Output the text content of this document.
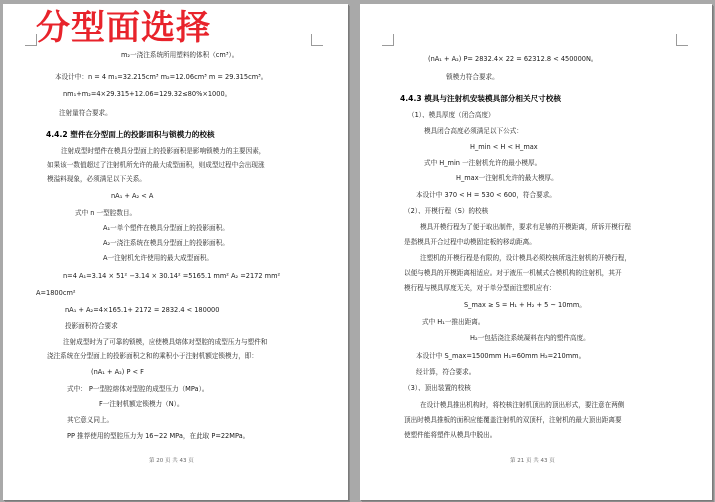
m₂一浇注系统所用塑料的体积（cm³）。
本设计中：n = 4 m₁=32.215cm³ m₂=12.06cm³ m = 29.315cm³。
nm₁+m₂=4×29.315+12.06=129.32≤80%×1000。
注射量符合要求。
4.4.2 塑件在分型面上的投影面积与锁模力的校核
注射成型时塑件在模具分型面上的投影面积是影响锁模力的主要因素，
如果该一数值超过了注射机所允许的最大成型面积，则成型过程中会出现涨
模溢料现象，必须满足以下关系。
nA₁ + A₂ < A
式中 n 一型腔数目。
A₁一单个塑件在模具分型面上的投影面积。
A₂一浇注系统在模具分型面上的投影面积。
A一注射机允许使用的最大成型面积。
n=4 A₁=3.14 × 51² −3.14 × 30.14² =5165.1 mm² A₂ =2172 mm²
A=1800cm²
nA₁ + A₂=4×165.1+ 2172 = 2832.4 < 180000
投影面积符合要求
注射成型时为了可靠的锁模，应使模具熔体对型腔的成型压力与塑件和
浇注系统在分型面上的投影面积之和的乘积小于注射机额定锁模力，即：
(nA₁ + A₂) P < F
式中： P一型腔熔体对型腔的成型压力（MPa）。
F一注射机额定锁模力（N）。
其它意义同上。
PP 推荐使用的型腔压力为 16~22 MPa，在此取 P=22MPa。
第 20 页 共 43 页
(nA₁ + A₂) P= 2832.4× 22 = 62312.8 < 450000N。
锁模力符合要求。
4.4.3 模具与注射机安装模具部分相关尺寸校核
（1）、模具厚度（闭合高度）
模具闭合高度必须满足以下公式：
H_min < H < H_max
式中 H_min 一注射机允许的最小模厚。
H_max一注射机允许的最大模厚。
本设计中 370 < H = 530 < 600，符合要求。
（2）、开模行程（S）的校核
模具开模行程为了便于取出制件，要求有足够的开模距离，所诉开模行程
是指模具开合过程中动模固定板的移动距离。
注塑机的开模行程是有限的，设计模具必须校核所选注射机的开模行程，
以便与模具的开模距离相适应。对于液压一机械式合模机构的注射机，其开
模行程与模具厚度无关，对于单分型面注塑机应有：
S_max ≥ S = H₁ + H₂ + 5 ~ 10mm。
式中 H₁一推出距离。
H₂一包括浇注系统凝料在内的塑件高度。
本设计中 S_max=1500mm H₁=60mm H₂=210mm。
经计算，符合要求。
（3）、顶出装置的校核
在设计模具推出机构时，将校核注射机顶出的顶出形式，要注意在两侧
顶出时模具推板的面积应能覆盖注射机的双顶杆，注射机的最大顶出距离要
使塑件能将塑件从模具中脱出。
第 21 页 共 43 页
分型面选择
